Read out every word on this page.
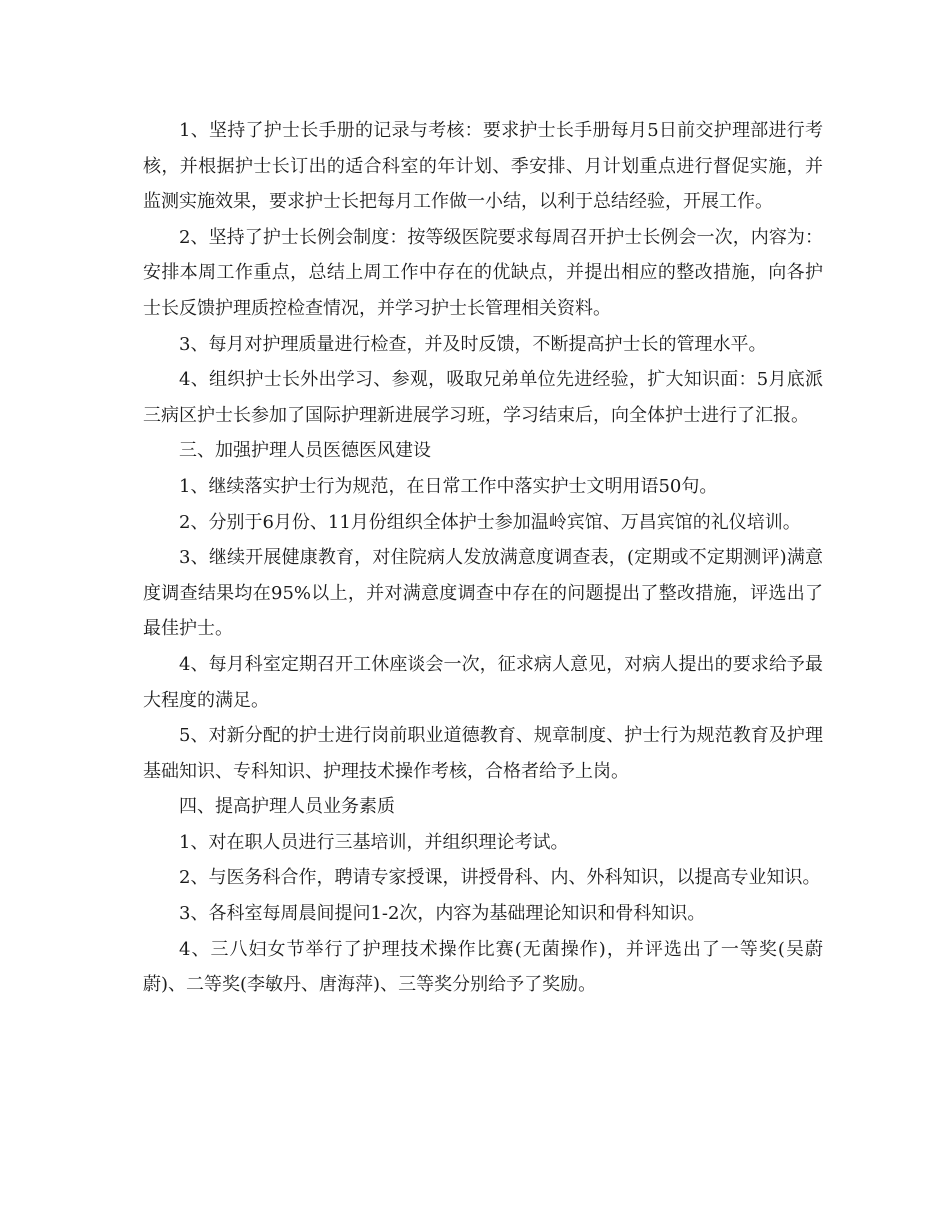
1、坚持了护士长手册的记录与考核：要求护士长手册每月5日前交护理部进行考核，并根据护士长订出的适合科室的年计划、季安排、月计划重点进行督促实施，并监测实施效果，要求护士长把每月工作做一小结，以利于总结经验，开展工作。

2、坚持了护士长例会制度：按等级医院要求每周召开护士长例会一次，内容为：安排本周工作重点，总结上周工作中存在的优缺点，并提出相应的整改措施，向各护士长反馈护理质控检查情况，并学习护士长管理相关资料。

3、每月对护理质量进行检查，并及时反馈，不断提高护士长的管理水平。

4、组织护士长外出学习、参观，吸取兄弟单位先进经验，扩大知识面：5月底派三病区护士长参加了国际护理新进展学习班，学习结束后，向全体护士进行了汇报。

三、加强护理人员医德医风建设

1、继续落实护士行为规范，在日常工作中落实护士文明用语50句。

2、分别于6月份、11月份组织全体护士参加温岭宾馆、万昌宾馆的礼仪培训。

3、继续开展健康教育，对住院病人发放满意度调查表，(定期或不定期测评)满意度调查结果均在95%以上，并对满意度调查中存在的问题提出了整改措施，评选出了最佳护士。

4、每月科室定期召开工休座谈会一次，征求病人意见，对病人提出的要求给予最大程度的满足。

5、对新分配的护士进行岗前职业道德教育、规章制度、护士行为规范教育及护理基础知识、专科知识、护理技术操作考核，合格者给予上岗。

四、提高护理人员业务素质

1、对在职人员进行三基培训，并组织理论考试。

2、与医务科合作，聘请专家授课，讲授骨科、内、外科知识，以提高专业知识。

3、各科室每周晨间提问1-2次，内容为基础理论知识和骨科知识。

4、三八妇女节举行了护理技术操作比赛(无菌操作)，并评选出了一等奖(吴蔚蔚)、二等奖(李敏丹、唐海萍)、三等奖分别给予了奖励。
